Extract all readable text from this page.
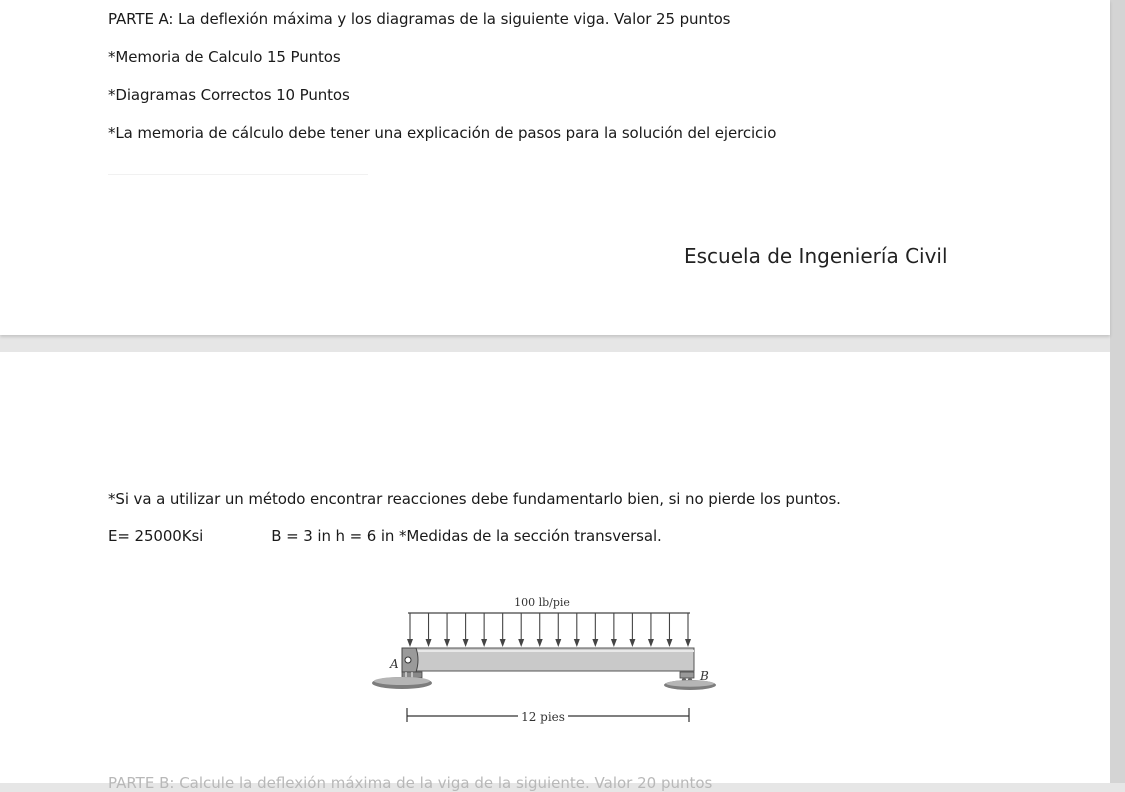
PARTE A: La deflexión máxima y los diagramas de la siguiente viga. Valor 25 puntos
*Memoria de Calculo 15 Puntos
*Diagramas Correctos 10 Puntos
*La memoria de cálculo debe tener una explicación de pasos para la solución del ejercicio
Escuela de Ingeniería Civil
*Si va a utilizar un método encontrar reacciones debe fundamentarlo bien, si no pierde los puntos.
E= 25000Ksi	B = 3 in h = 6 in *Medidas de la sección transversal.
100 lb/pie
A
B
12 pies
PARTE B: Calcule la deflexión máxima de la viga de la siguiente. Valor 20 puntos
